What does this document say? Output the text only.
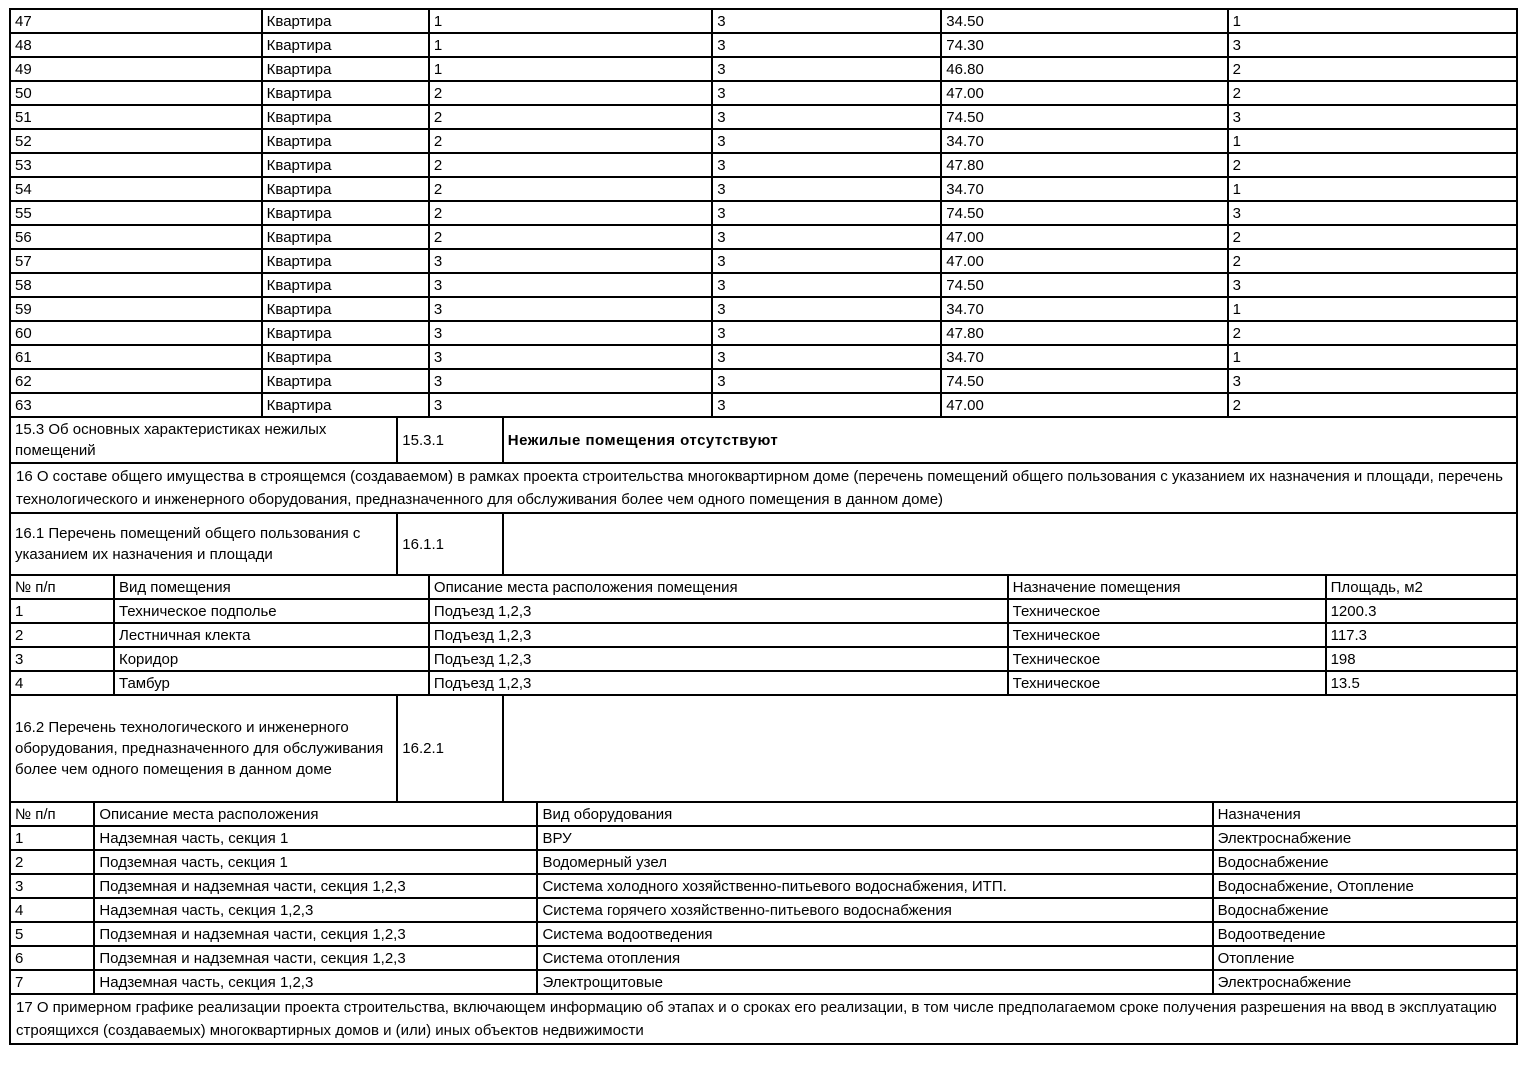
47	Квартира	1	3	34.50	1
48	Квартира	1	3	74.30	3
49	Квартира	1	3	46.80	2
50	Квартира	2	3	47.00	2
51	Квартира	2	3	74.50	3
52	Квартира	2	3	34.70	1
53	Квартира	2	3	47.80	2
54	Квартира	2	3	34.70	1
55	Квартира	2	3	74.50	3
56	Квартира	2	3	47.00	2
57	Квартира	3	3	47.00	2
58	Квартира	3	3	74.50	3
59	Квартира	3	3	34.70	1
60	Квартира	3	3	47.80	2
61	Квартира	3	3	34.70	1
62	Квартира	3	3	74.50	3
63	Квартира	3	3	47.00	2
15.3 Об основных характеристиках нежилых помещений	15.3.1	Нежилые помещения отсутствуют
16 О составе общего имущества в строящемся (создаваемом) в рамках проекта строительства многоквартирном доме (перечень помещений общего пользования с указанием их назначения и площади, перечень технологического и инженерного оборудования, предназначенного для обслуживания более чем одного помещения в данном доме)
16.1 Перечень помещений общего пользования с указанием их назначения и площади	16.1.1	
№ п/п	Вид помещения	Описание места расположения помещения	Назначение помещения	Площадь, м2
1	Техническое подполье	Подъезд 1,2,3	Техническое	1200.3
2	Лестничная клекта	Подъезд 1,2,3	Техническое	117.3
3	Коридор	Подъезд 1,2,3	Техническое	198
4	Тамбур	Подъезд 1,2,3	Техническое	13.5
16.2 Перечень технологического и инженерного оборудования, предназначенного для обслуживания более чем одного помещения в данном доме	16.2.1	
№ п/п	Описание места расположения	Вид оборудования	Назначения
1	Надземная часть, секция 1	ВРУ	Электроснабжение
2	Подземная часть, секция 1	Водомерный узел	Водоснабжение
3	Подземная и надземная части, секция 1,2,3	Система холодного хозяйственно-питьевого водоснабжения, ИТП.	Водоснабжение, Отопление
4	Надземная часть, секция 1,2,3	Система горячего хозяйственно-питьевого водоснабжения	Водоснабжение
5	Подземная и надземная части, секция 1,2,3	Система водоотведения	Водоотведение
6	Подземная и надземная части, секция 1,2,3	Система отопления	Отопление
7	Надземная часть, секция 1,2,3	Электрощитовые	Электроснабжение
17 О примерном графике реализации проекта строительства, включающем информацию об этапах и о сроках его реализации, в том числе предполагаемом сроке получения разрешения на ввод в эксплуатацию строящихся (создаваемых) многоквартирных домов и (или) иных объектов недвижимости
